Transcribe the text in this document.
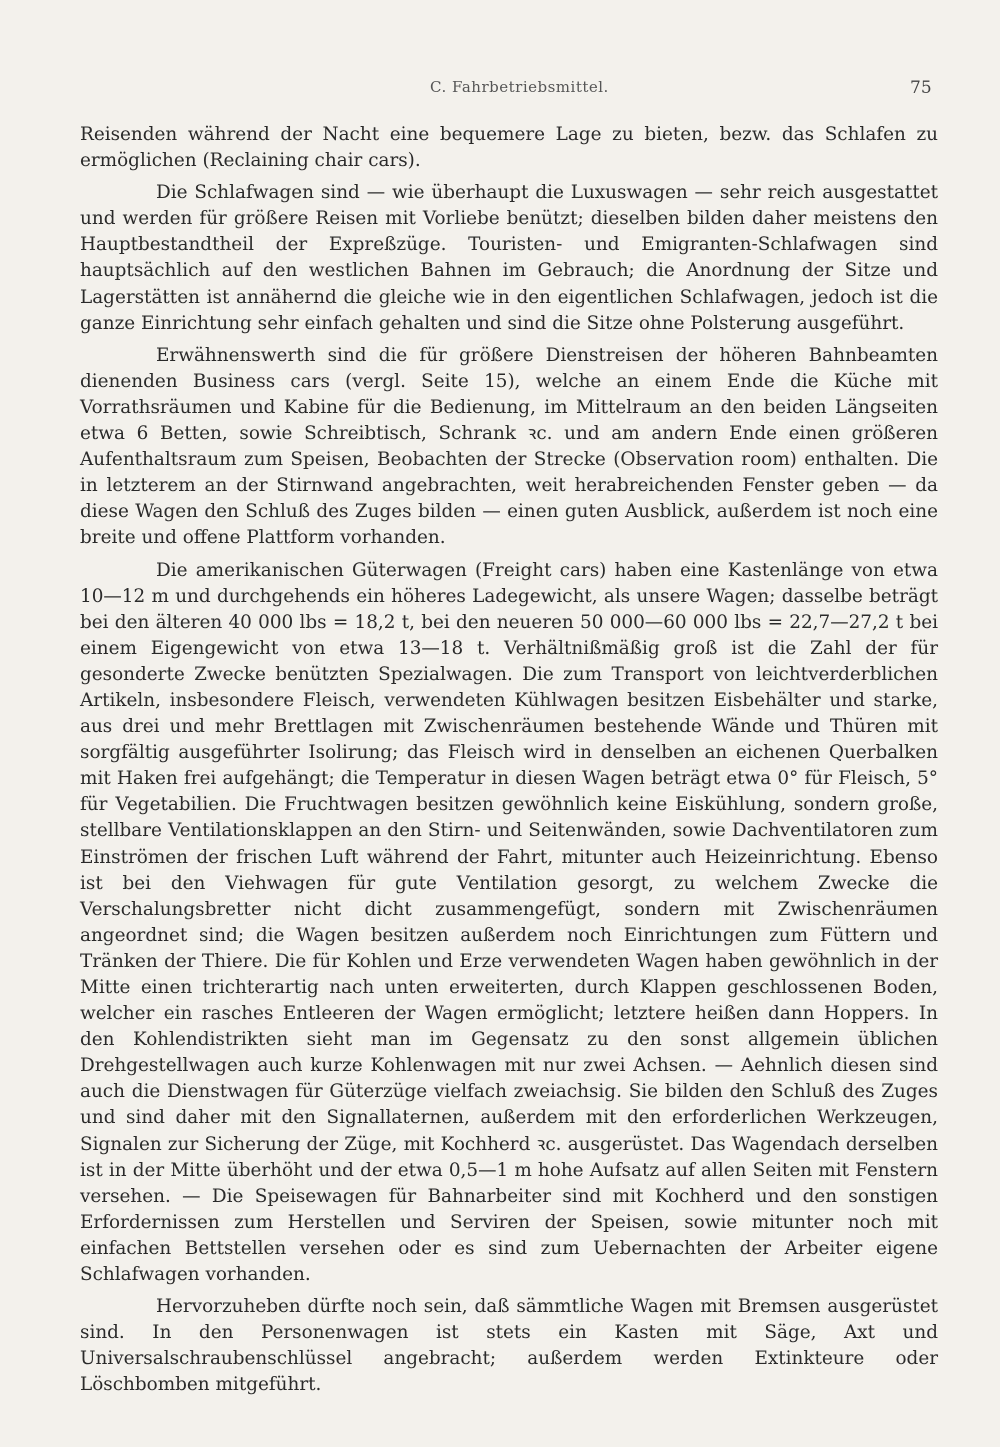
C. Fahrbetriebsmittel.	75

Reisenden während der Nacht eine bequemere Lage zu bieten, bezw. das Schlafen zu ermöglichen (Reclaining chair cars).

Die Schlafwagen sind — wie überhaupt die Luxuswagen — sehr reich ausgestattet und werden für größere Reisen mit Vorliebe benützt; dieselben bilden daher meistens den Hauptbestandtheil der Expreßzüge. Touristen- und Emigranten-Schlafwagen sind hauptsächlich auf den westlichen Bahnen im Gebrauch; die Anordnung der Sitze und Lagerstätten ist annähernd die gleiche wie in den eigentlichen Schlafwagen, jedoch ist die ganze Einrichtung sehr einfach gehalten und sind die Sitze ohne Polsterung ausgeführt.

Erwähnenswerth sind die für größere Dienstreisen der höheren Bahnbeamten dienenden Business cars (vergl. Seite 15), welche an einem Ende die Küche mit Vorrathsräumen und Kabine für die Bedienung, im Mittelraum an den beiden Längseiten etwa 6 Betten, sowie Schreibtisch, Schrank ꝛc. und am andern Ende einen größeren Aufenthaltsraum zum Speisen, Beobachten der Strecke (Observation room) enthalten. Die in letzterem an der Stirnwand angebrachten, weit herabreichenden Fenster geben — da diese Wagen den Schluß des Zuges bilden — einen guten Ausblick, außerdem ist noch eine breite und offene Plattform vorhanden.

Die amerikanischen Güterwagen (Freight cars) haben eine Kastenlänge von etwa 10—12 m und durchgehends ein höheres Ladegewicht, als unsere Wagen; dasselbe beträgt bei den älteren 40 000 lbs = 18,2 t, bei den neueren 50 000—60 000 lbs = 22,7—27,2 t bei einem Eigengewicht von etwa 13—18 t. Verhältnißmäßig groß ist die Zahl der für gesonderte Zwecke benützten Spezialwagen. Die zum Transport von leichtverderblichen Artikeln, insbesondere Fleisch, verwendeten Kühlwagen besitzen Eisbehälter und starke, aus drei und mehr Brettlagen mit Zwischenräumen bestehende Wände und Thüren mit sorgfältig ausgeführter Isolirung; das Fleisch wird in denselben an eichenen Querbalken mit Haken frei aufgehängt; die Temperatur in diesen Wagen beträgt etwa 0° für Fleisch, 5° für Vegetabilien. Die Fruchtwagen besitzen gewöhnlich keine Eiskühlung, sondern große, stellbare Ventilationsklappen an den Stirn- und Seitenwänden, sowie Dachventilatoren zum Einströmen der frischen Luft während der Fahrt, mitunter auch Heizeinrichtung. Ebenso ist bei den Viehwagen für gute Ventilation gesorgt, zu welchem Zwecke die Verschalungsbretter nicht dicht zusammengefügt, sondern mit Zwischenräumen angeordnet sind; die Wagen besitzen außerdem noch Einrichtungen zum Füttern und Tränken der Thiere. Die für Kohlen und Erze verwendeten Wagen haben gewöhnlich in der Mitte einen trichterartig nach unten erweiterten, durch Klappen geschlossenen Boden, welcher ein rasches Entleeren der Wagen ermöglicht; letztere heißen dann Hoppers. In den Kohlendistrikten sieht man im Gegensatz zu den sonst allgemein üblichen Drehgestellwagen auch kurze Kohlenwagen mit nur zwei Achsen. — Aehnlich diesen sind auch die Dienstwagen für Güterzüge vielfach zweiachsig. Sie bilden den Schluß des Zuges und sind daher mit den Signallaternen, außerdem mit den erforderlichen Werkzeugen, Signalen zur Sicherung der Züge, mit Kochherd ꝛc. ausgerüstet. Das Wagendach derselben ist in der Mitte überhöht und der etwa 0,5—1 m hohe Aufsatz auf allen Seiten mit Fenstern versehen. — Die Speisewagen für Bahnarbeiter sind mit Kochherd und den sonstigen Erfordernissen zum Herstellen und Serviren der Speisen, sowie mitunter noch mit einfachen Bettstellen versehen oder es sind zum Uebernachten der Arbeiter eigene Schlafwagen vorhanden.

Hervorzuheben dürfte noch sein, daß sämmtliche Wagen mit Bremsen ausgerüstet sind. In den Personenwagen ist stets ein Kasten mit Säge, Axt und Universalschraubenschlüssel angebracht; außerdem werden Extinkteure oder Löschbomben mitgeführt.
